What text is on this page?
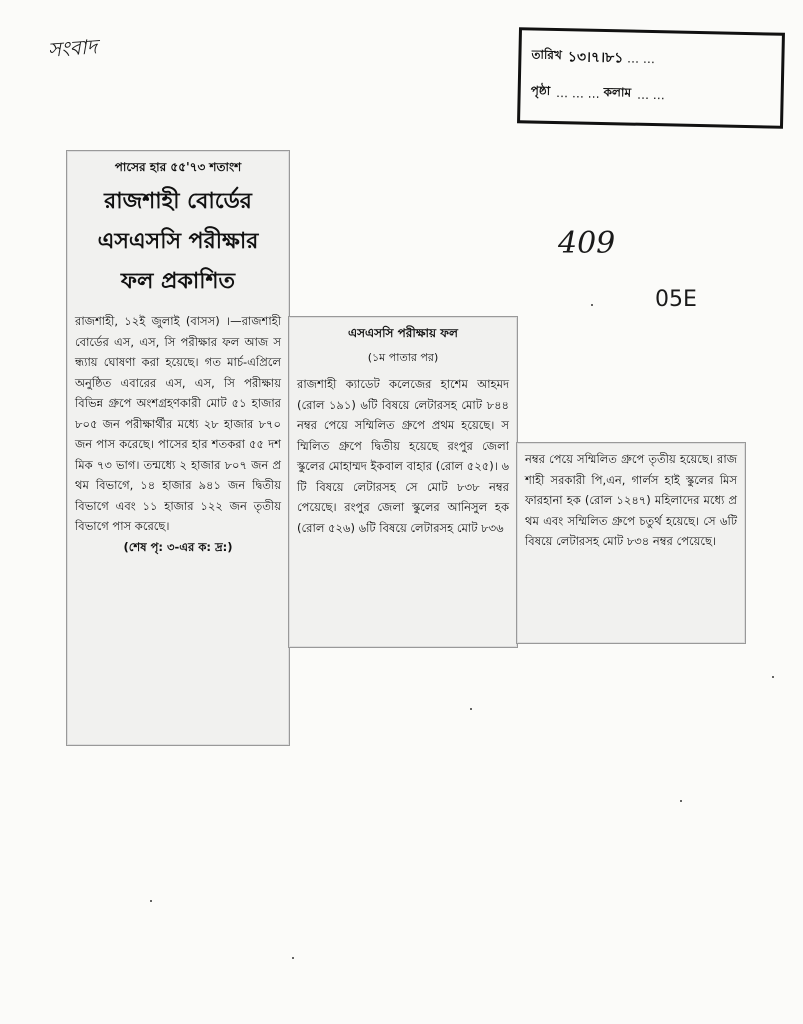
সংবাদ	তারিখ ১৩।৭।৮১ … …
পৃষ্ঠা … … … কলাম … …
409
05E
পাসের হার ৫৫'৭৩ শতাংশ
রাজশাহী বোর্ডের
এসএসসি পরীক্ষার
ফল প্রকাশিত

রাজশাহী, ১২ই জুলাই (বাসস) ।—রাজশাহী বোর্ডের এস, এস, সি পরীক্ষার ফল আজ সন্ধ্যায় ঘোষণা করা হয়েছে। গত মার্চ-এপ্রিলে অনুষ্ঠিত এবারের এস, এস, সি পরীক্ষায় বিভিন্ন গ্রুপে অংশগ্রহণকারী মোট ৫১ হাজার ৮০৫ জন পরীক্ষার্থীর মধ্যে ২৮ হাজার ৮৭০ জন পাস করেছে। পাসের হার শতকরা ৫৫ দশমিক ৭৩ ভাগ। তন্মধ্যে ২ হাজার ৮০৭ জন প্রথম বিভাগে, ১৪ হাজার ৯৪১ জন দ্বিতীয় বিভাগে এবং ১১ হাজার ১২২ জন তৃতীয় বিভাগে পাস করেছে।

(শেষ পৃ: ৩-এর ক: দ্র:)

এসএসসি পরীক্ষায় ফল
(১ম পাতার পর)

রাজশাহী ক্যাডেট কলেজের হাশেম আহমদ (রোল ১৯১) ৬টি বিষয়ে লেটারসহ মোট ৮৪৪ নম্বর পেয়ে সম্মিলিত গ্রুপে প্রথম হয়েছে। সম্মিলিত গ্রুপে দ্বিতীয় হয়েছে রংপুর জেলা স্কুলের মোহাম্মদ ইকবাল বাহার (রোল ৫২৫)। ৬টি বিষয়ে লেটারসহ সে মোট ৮৩৮ নম্বর পেয়েছে। রংপুর জেলা স্কুলের আনিসুল হক (রোল ৫২৬) ৬টি বিষয়ে লেটারসহ মোট ৮৩৬

নম্বর পেয়ে সম্মিলিত গ্রুপে তৃতীয় হয়েছে। রাজশাহী সরকারী পি,এন, গার্লস হাই স্কুলের মিস ফারহানা হক (রোল ১২৪৭) মহিলাদের মধ্যে প্রথম এবং সম্মিলিত গ্রুপে চতুর্থ হয়েছে। সে ৬টি বিষয়ে লেটারসহ মোট ৮৩৪ নম্বর পেয়েছে।
